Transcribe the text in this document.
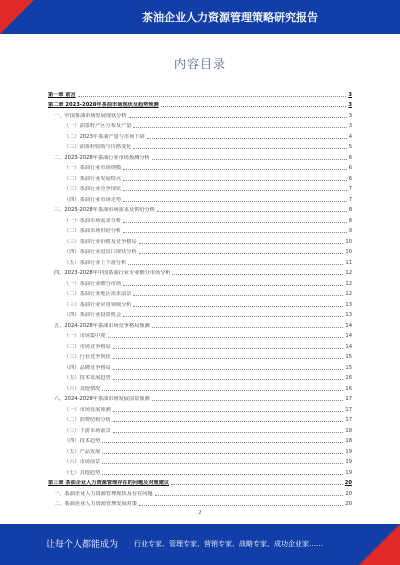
茶油企业人力资源管理策略研究报告
内容目录
第一章 前言	3
第二章 2023-2028年茶油市场现状及趋势预测	3
一、中国茶油市场发展现状分析	3
（一）油茶籽产区分布及产量	3
（二）2023年茶油产量与市场下降	4
（三）油茶籽收购与价格变化	5
二、2023-2028年茶油行业市场预测分析	6
（一）茶油行业市场规模	6
（二）茶油行业发展特点	6
（三）茶油行业竞争现状	7
（四）茶油行业市场走势	7
三、2023-2028年茶油市场需求及供给分析	8
（一）茶油市场需求分析	8
（二）茶油市场供给分析	9
（三）茶油行业价格及竞争格局	10
（四）茶油行业进出口现状分析	10
（五）茶油行业上下游分析	11
四、2023-2028年中国茶油行业专业细分市场分析	12
（一）茶油行业细分市场	12
（二）茶油行业地区需求前景	12
（三）茶油行业应用领域分析	13
（四）茶油行业投资机会	13
五、2024-2028年茶油市场竞争格局预测	14
（一）市场集中度	14
（二）市场竞争格局	14
（三）行业竞争现状	15
（四）品牌竞争格局	15
（五）技术发展趋势	16
（六）其他情况	16
六、2024-2028年茶油市场发展前景预测	17
（一）市场发展预测	17
（二）消费结构分析	17
（三）下游市场前景	18
（四）技术趋势	18
（五）产品发展	19
（六）市场前景	19
（七）其他趋势	19
第三章 茶油企业人力资源管理存在的问题及对策建议	20
一、茶油企业人力资源管理现状及存在问题	20
二、茶油企业人力资源管理发展对策	20
2
让每个人都能成为 行业专家、管理专家、营销专家、战略专家、成功企业家……
